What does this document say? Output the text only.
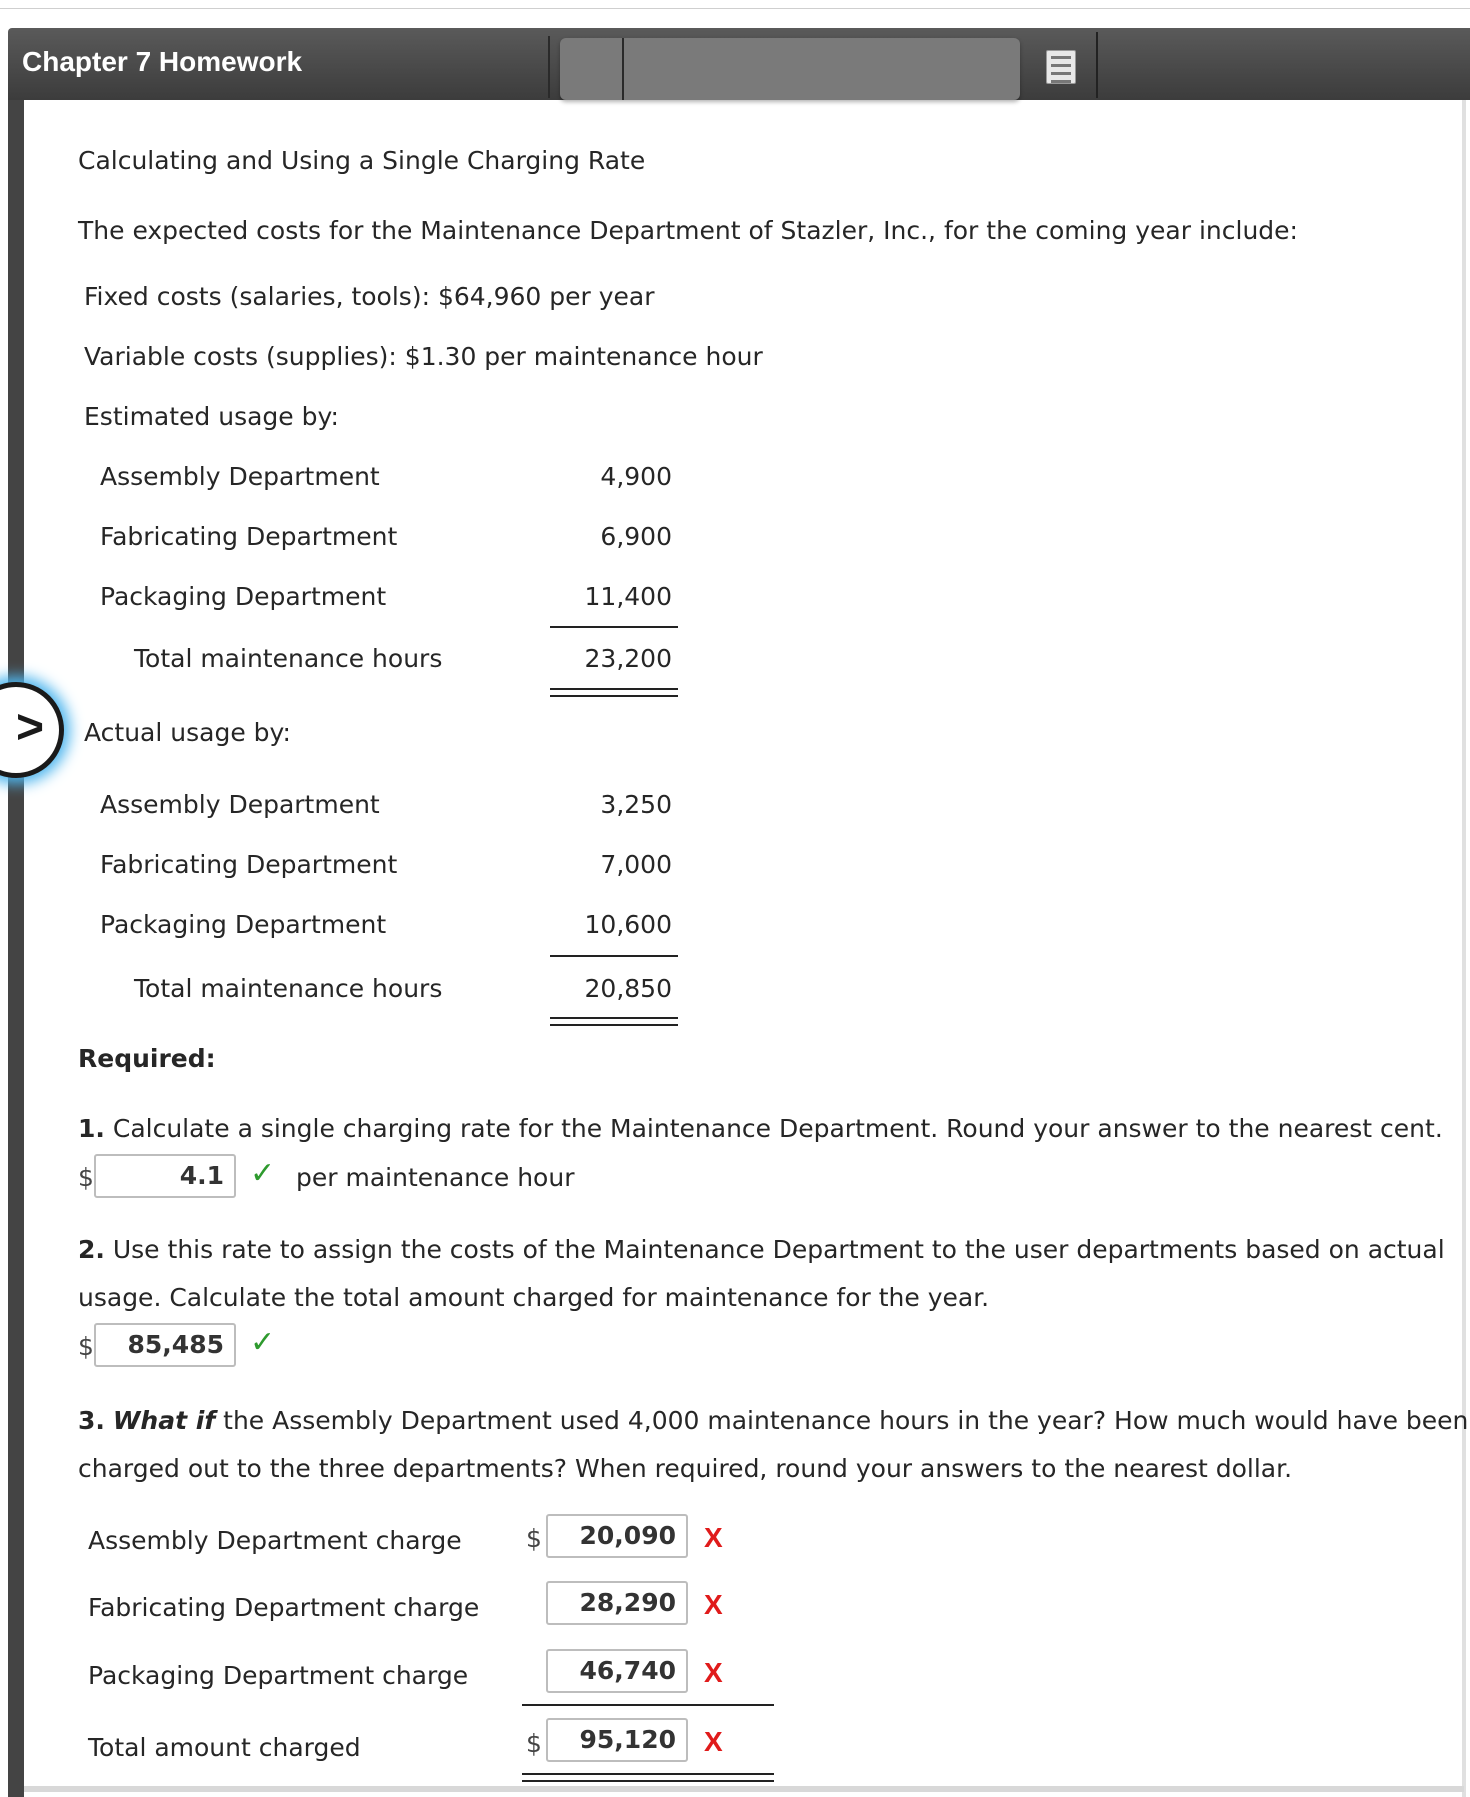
Chapter 7 Homework
Calculating and Using a Single Charging Rate
The expected costs for the Maintenance Department of Stazler, Inc., for the coming year include:
Fixed costs (salaries, tools): $64,960 per year
Variable costs (supplies): $1.30 per maintenance hour
Estimated usage by:
Assembly Department	4,900
Fabricating Department	6,900
Packaging Department	11,400
Total maintenance hours	23,200
> Actual usage by:
Assembly Department	3,250
Fabricating Department	7,000
Packaging Department	10,600
Total maintenance hours	20,850
Required:
1. Calculate a single charging rate for the Maintenance Department. Round your answer to the nearest cent.
$	4.1 ✓ per maintenance hour
2. Use this rate to assign the costs of the Maintenance Department to the user departments based on actual
usage. Calculate the total amount charged for maintenance for the year.
$	85,485 ✓
3. What if the Assembly Department used 4,000 maintenance hours in the year? How much would have been
charged out to the three departments? When required, round your answers to the nearest dollar.
Assembly Department charge	$	20,090	X
Fabricating Department charge	28,290	X
Packaging Department charge	46,740	X
Total amount charged	$	95,120	X
